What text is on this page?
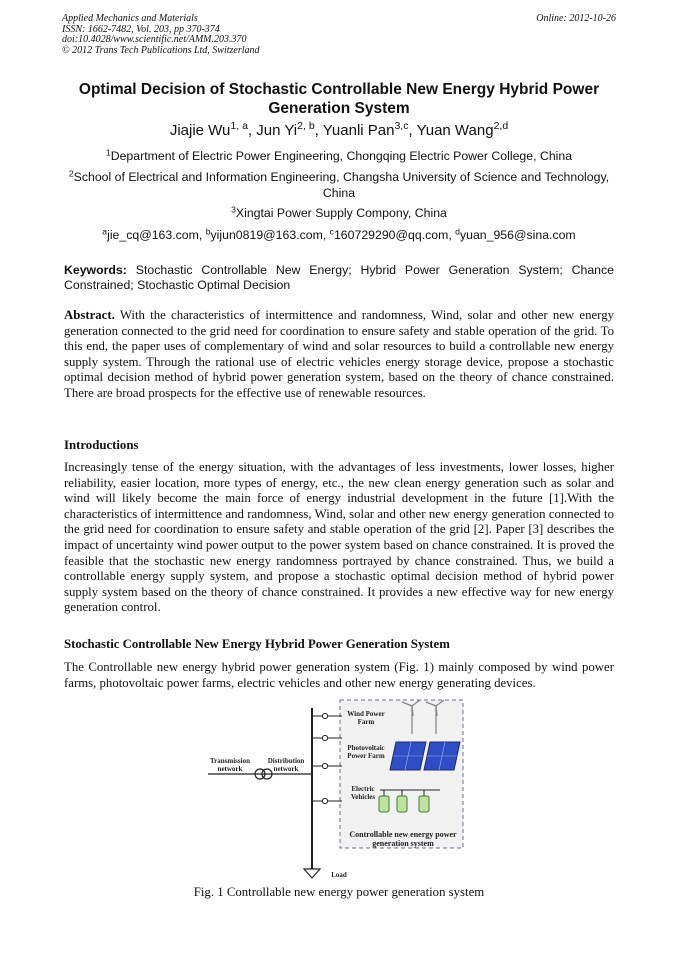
Applied Mechanics and Materials
ISSN: 1662-7482, Vol. 203, pp 370-374
doi:10.4028/www.scientific.net/AMM.203.370
© 2012 Trans Tech Publications Ltd, Switzerland
Online: 2012-10-26
Optimal Decision of Stochastic Controllable New Energy Hybrid Power Generation System
Jiajie Wu$^{1, a}$, Jun Yi$^{2, b}$, Yuanli Pan$^{3,c}$, Yuan Wang$^{2,d}$
$^1$Department of Electric Power Engineering, Chongqing Electric Power College, China
$^2$School of Electrical and Information Engineering, Changsha University of Science and Technology, China
$^3$Xingtai Power Supply Compony, China
$^a$jie_cq@163.com, $^b$yijun0819@163.com, $^c$160729290@qq.com, $^d$yuan_956@sina.com
Keywords: Stochastic Controllable New Energy; Hybrid Power Generation System; Chance Constrained; Stochastic Optimal Decision
Abstract. With the characteristics of intermittence and randomness, Wind, solar and other new energy generation connected to the grid need for coordination to ensure safety and stable operation of the grid. To this end, the paper uses of complementary of wind and solar resources to build a controllable new energy supply system. Through the rational use of electric vehicles energy storage device, propose a stochastic optimal decision method of hybrid power generation system, based on the theory of chance constrained. There are broad prospects for the effective use of renewable resources.
Introductions
Increasingly tense of the energy situation, with the advantages of less investments, lower losses, higher reliability, easier location, more types of energy, etc., the new clean energy generation such as solar and wind will likely become the main force of energy industrial development in the future [1].With the characteristics of intermittence and randomness, Wind, solar and other new energy generation connected to the grid need for coordination to ensure safety and stable operation of the grid [2]. Paper [3] describes the impact of uncertainty wind power output to the power system based on chance constrained. It is proved the feasible that the stochastic new energy randomness portrayed by chance constrained. Thus, we build a controllable energy supply system, and propose a stochastic optimal decision method of hybrid power supply system based on the theory of chance constrained. It provides a new effective way for new energy generation control.
Stochastic Controllable New Energy Hybrid Power Generation System
The Controllable new energy hybrid power generation system (Fig. 1) mainly composed by wind power farms, photovoltaic power farms, electric vehicles and other new energy generating devices.
Wind Power Farm
Photovoltaic Power Farm
Electric Vehicles
Transmission network
Distribution network
Controllable new energy power generation system
Load
Fig. 1 Controllable new energy power generation system
